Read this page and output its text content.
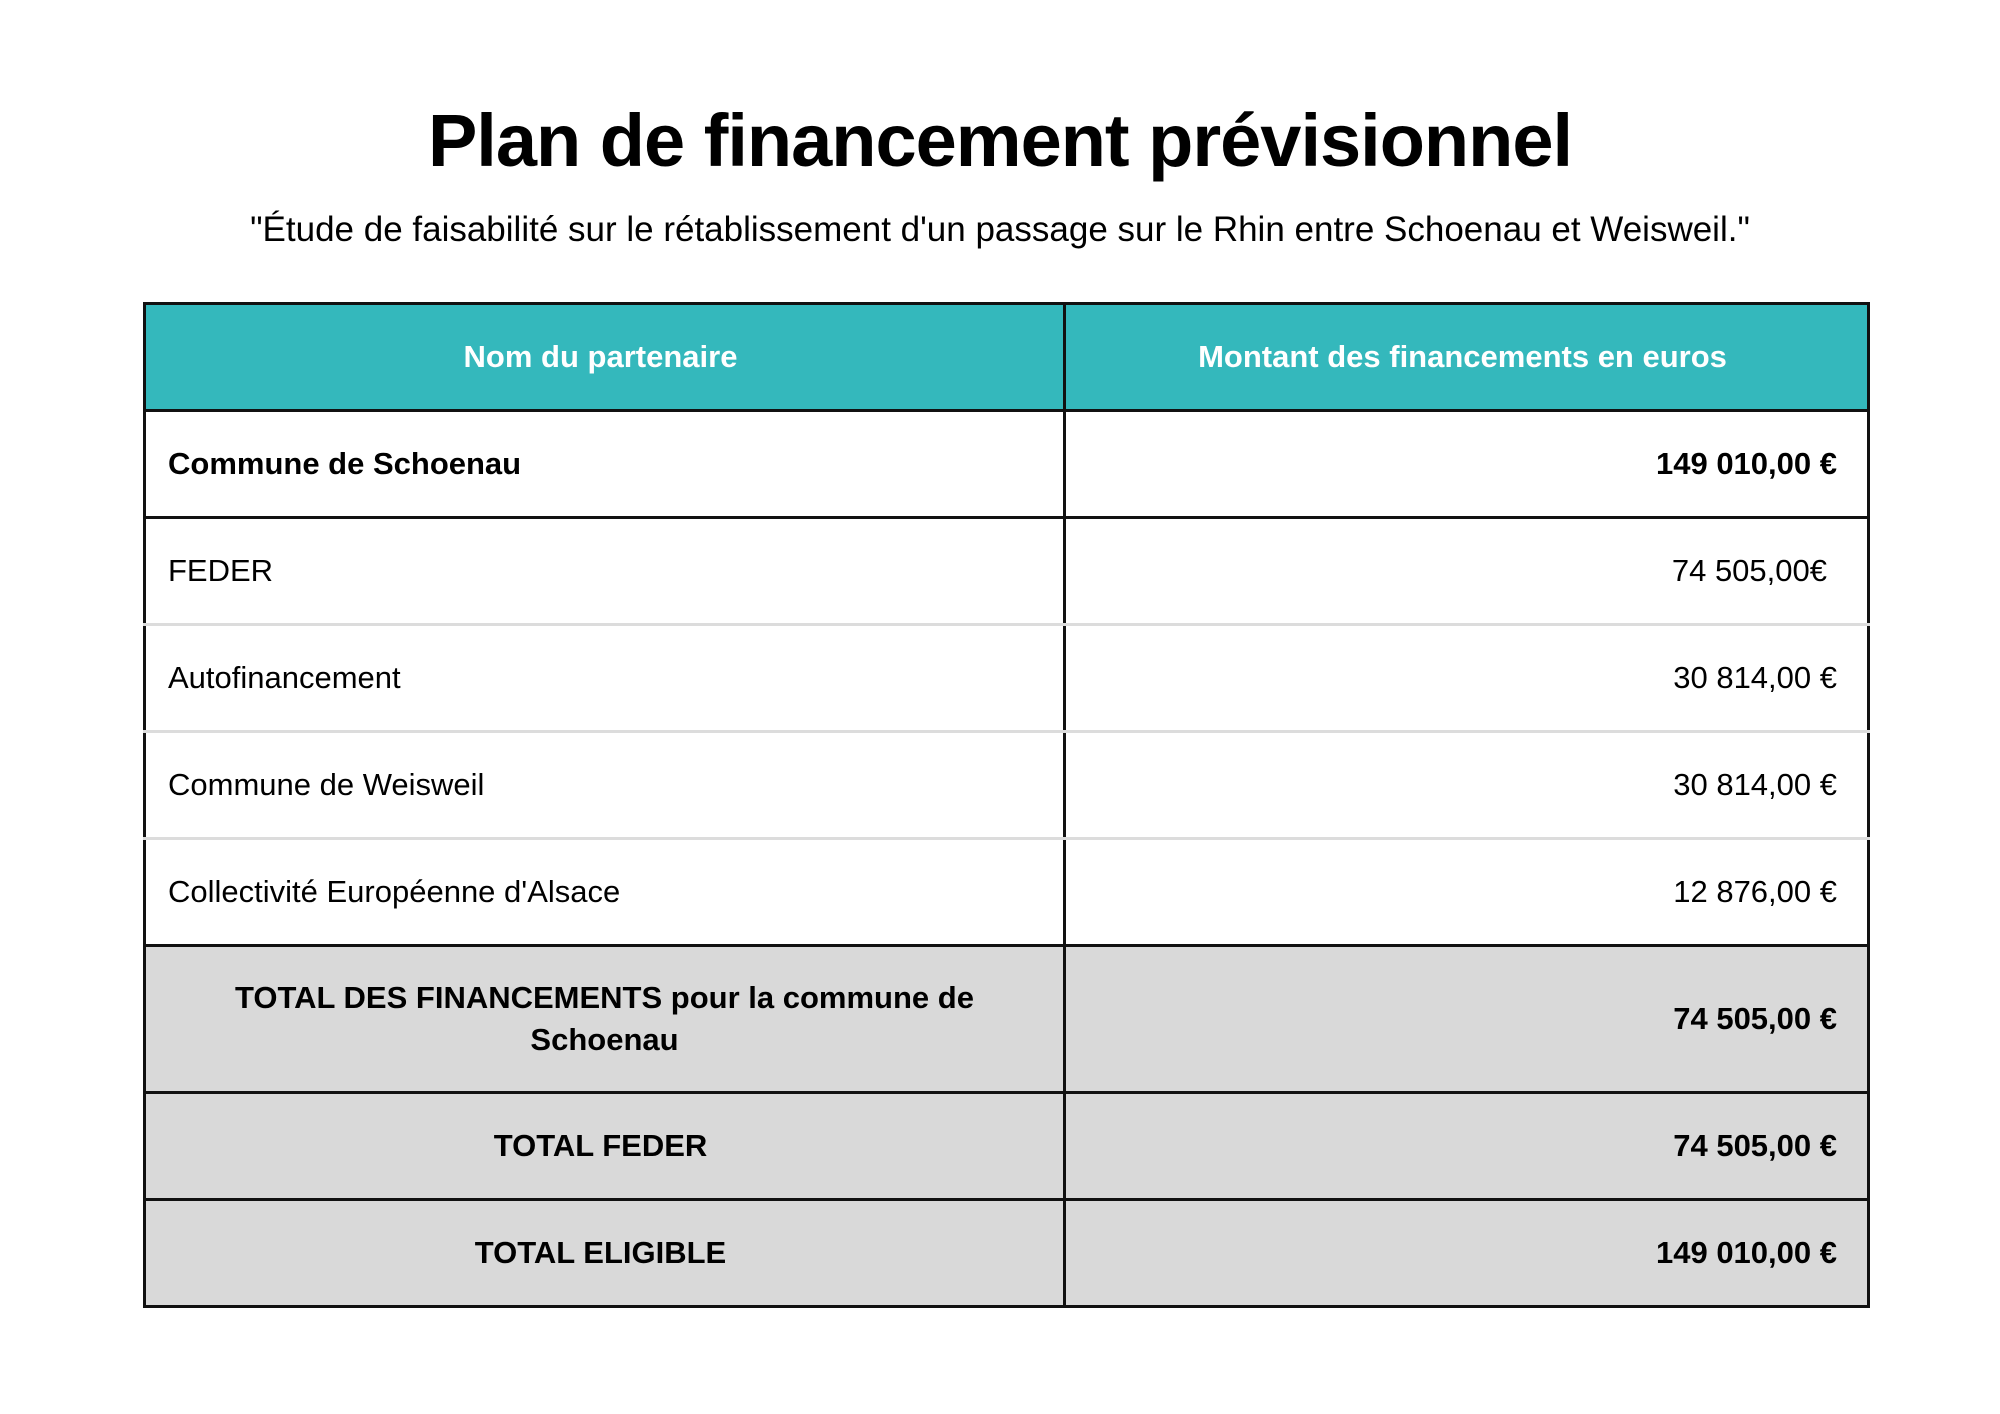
Plan de financement prévisionnel

"Étude de faisabilité sur le rétablissement d'un passage sur le Rhin entre Schoenau et Weisweil."

Nom du partenaire	Montant des financements en euros
Commune de Schoenau	149 010,00 €
FEDER	74 505,00€
Autofinancement	30 814,00 €
Commune de Weisweil	30 814,00 €
Collectivité Européenne d'Alsace	12 876,00 €
TOTAL DES FINANCEMENTS pour la commune de Schoenau	74 505,00 €
TOTAL FEDER	74 505,00 €
TOTAL ELIGIBLE	149 010,00 €
